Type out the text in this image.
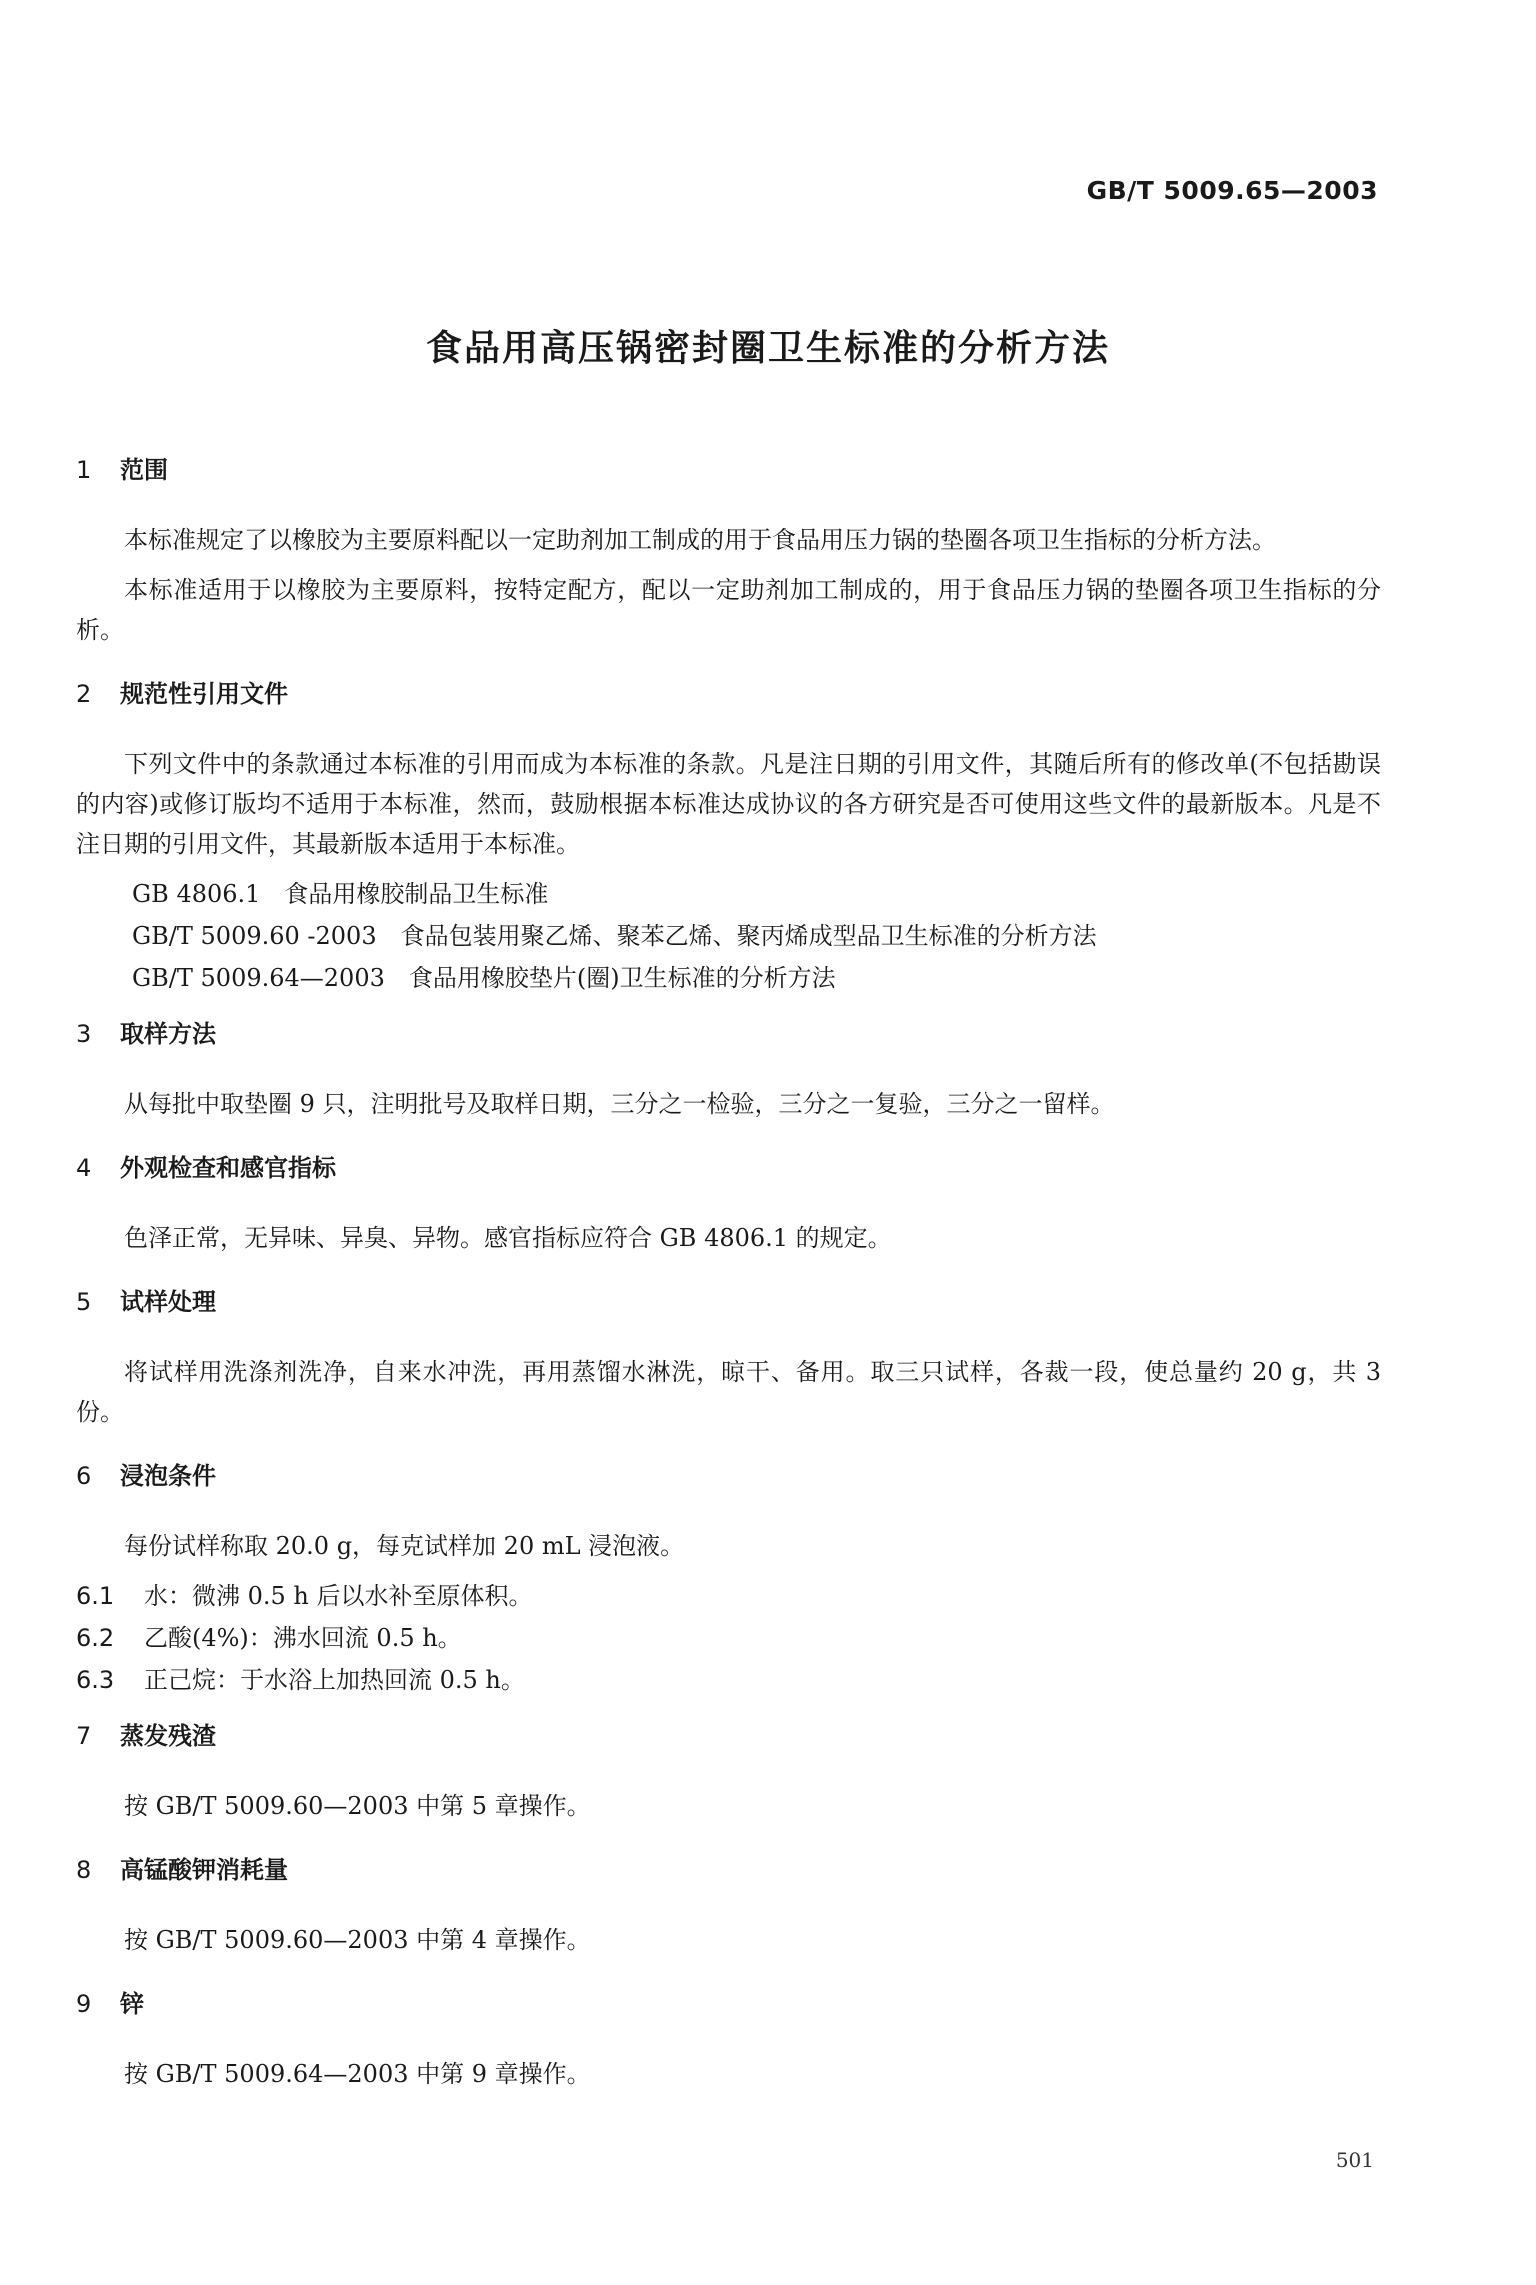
GB/T 5009.65—2003
食品用高压锅密封圈卫生标准的分析方法
1	范围

本标准规定了以橡胶为主要原料配以一定助剂加工制成的用于食品用压力锅的垫圈各项卫生指标的分析方法。

本标准适用于以橡胶为主要原料，按特定配方，配以一定助剂加工制成的，用于食品压力锅的垫圈各项卫生指标的分析。

2	规范性引用文件

下列文件中的条款通过本标准的引用而成为本标准的条款。凡是注日期的引用文件，其随后所有的修改单(不包括勘误的内容)或修订版均不适用于本标准，然而，鼓励根据本标准达成协议的各方研究是否可使用这些文件的最新版本。凡是不注日期的引用文件，其最新版本适用于本标准。

GB 4806.1 食品用橡胶制品卫生标准
GB/T 5009.60 -2003 食品包装用聚乙烯、聚苯乙烯、聚丙烯成型品卫生标准的分析方法
GB/T 5009.64—2003 食品用橡胶垫片(圈)卫生标准的分析方法
3	取样方法

从每批中取垫圈 9 只，注明批号及取样日期，三分之一检验，三分之一复验，三分之一留样。

4	外观检查和感官指标

色泽正常，无异味、异臭、异物。感官指标应符合 GB 4806.1 的规定。

5	试样处理

将试样用洗涤剂洗净，自来水冲洗，再用蒸馏水淋洗，晾干、备用。取三只试样，各裁一段，使总量约 20 g，共 3 份。

6	浸泡条件

每份试样称取 20.0 g，每克试样加 20 mL 浸泡液。

6.1	水：微沸 0.5 h 后以水补至原体积。
6.2	乙酸(4%)：沸水回流 0.5 h。
6.3	正己烷：于水浴上加热回流 0.5 h。
7	蒸发残渣

按 GB/T 5009.60—2003 中第 5 章操作。

8	高锰酸钾消耗量

按 GB/T 5009.60—2003 中第 4 章操作。

9	锌

按 GB/T 5009.64—2003 中第 9 章操作。

501
